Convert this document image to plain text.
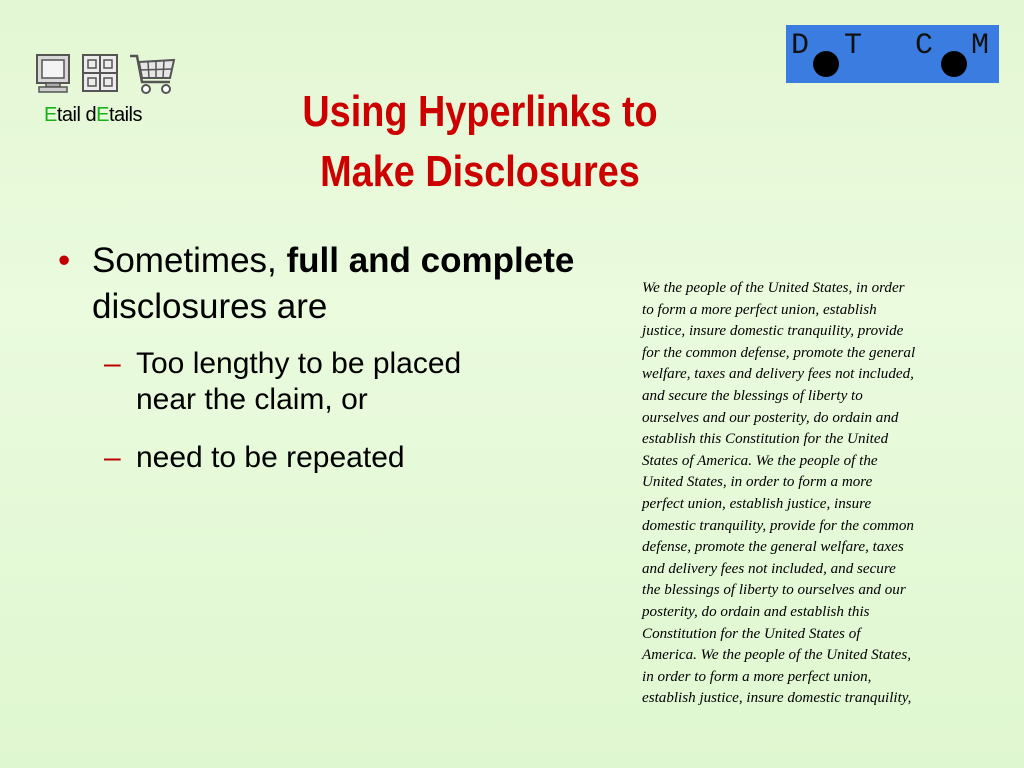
Etail dEtails
D T C M
Using Hyperlinks to
Make Disclosures
• Sometimes, full and complete disclosures are
– Too lengthy to be placed near the claim, or
– need to be repeated

We the people of the United States, in order to form a more perfect union, establish justice, insure domestic tranquility, provide for the common defense, promote the general welfare, taxes and delivery fees not included, and secure the blessings of liberty to ourselves and our posterity, do ordain and establish this Constitution for the United States of America. We the people of the United States, in order to form a more perfect union, establish justice, insure domestic tranquility, provide for the common defense, promote the general welfare, taxes and delivery fees not included, and secure the blessings of liberty to ourselves and our posterity, do ordain and establish this Constitution for the United States of America. We the people of the United States, in order to form a more perfect union, establish justice, insure domestic tranquility,
